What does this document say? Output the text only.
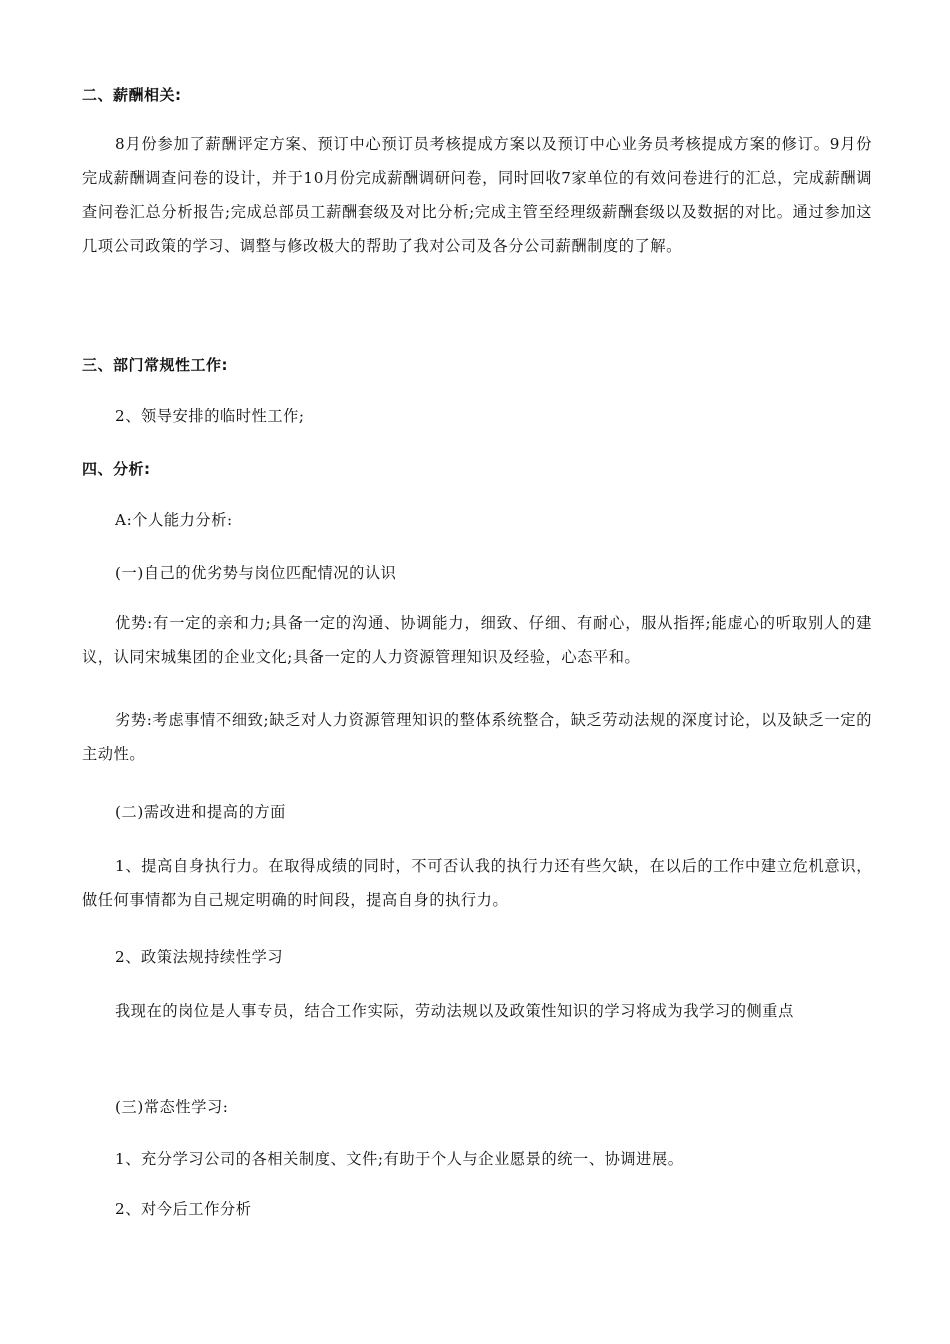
二、薪酬相关:
8月份参加了薪酬评定方案、预订中心预订员考核提成方案以及预订中心业务员考核提成方案的修订。9月份完成薪酬调查问卷的设计，并于10月份完成薪酬调研问卷，同时回收7家单位的有效问卷进行的汇总，完成薪酬调查问卷汇总分析报告;完成总部员工薪酬套级及对比分析;完成主管至经理级薪酬套级以及数据的对比。通过参加这几项公司政策的学习、调整与修改极大的帮助了我对公司及各分公司薪酬制度的了解。
三、部门常规性工作:
2、领导安排的临时性工作;
四、分析:
A:个人能力分析:
(一)自己的优劣势与岗位匹配情况的认识
优势:有一定的亲和力;具备一定的沟通、协调能力，细致、仔细、有耐心，服从指挥;能虚心的听取别人的建议，认同宋城集团的企业文化;具备一定的人力资源管理知识及经验，心态平和。
劣势:考虑事情不细致;缺乏对人力资源管理知识的整体系统整合，缺乏劳动法规的深度讨论，以及缺乏一定的主动性。
(二)需改进和提高的方面
1、提高自身执行力。在取得成绩的同时，不可否认我的执行力还有些欠缺，在以后的工作中建立危机意识，做任何事情都为自己规定明确的时间段，提高自身的执行力。
2、政策法规持续性学习
我现在的岗位是人事专员，结合工作实际，劳动法规以及政策性知识的学习将成为我学习的侧重点
(三)常态性学习:
1、充分学习公司的各相关制度、文件;有助于个人与企业愿景的统一、协调进展。
2、对今后工作分析
